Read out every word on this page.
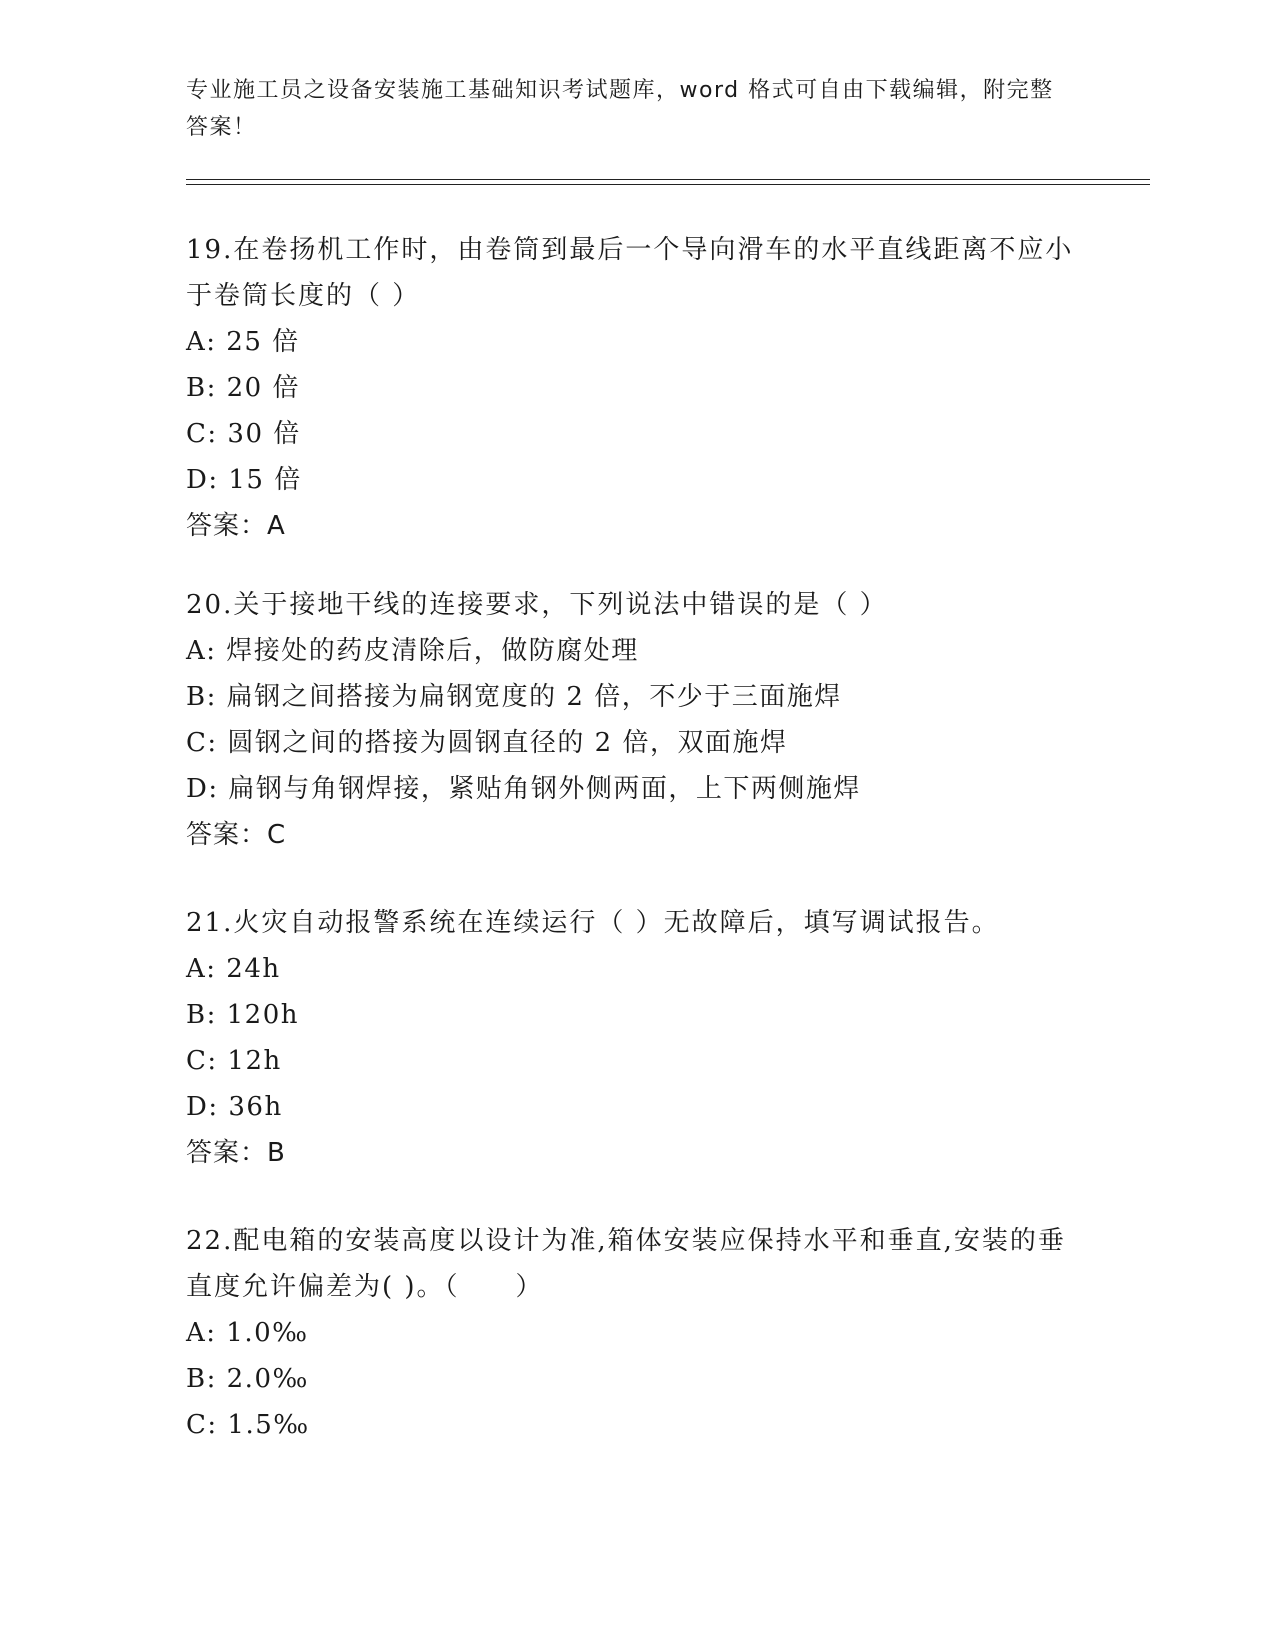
专业施工员之设备安装施工基础知识考试题库，word 格式可自由下载编辑，附完整答案！
19.在卷扬机工作时，由卷筒到最后一个导向滑车的水平直线距离不应小于卷筒长度的（ ）
A: 25 倍
B: 20 倍
C: 30 倍
D: 15 倍
答案：A
20.关于接地干线的连接要求，下列说法中错误的是（ ）
A: 焊接处的药皮清除后，做防腐处理
B: 扁钢之间搭接为扁钢宽度的 2 倍，不少于三面施焊
C: 圆钢之间的搭接为圆钢直径的 2 倍，双面施焊
D: 扁钢与角钢焊接，紧贴角钢外侧两面，上下两侧施焊
答案：C
21.火灾自动报警系统在连续运行（ ）无故障后，填写调试报告。
A: 24h
B: 120h
C: 12h
D: 36h
答案：B
22.配电箱的安装高度以设计为准,箱体安装应保持水平和垂直,安装的垂直度允许偏差为( )。（　　）
A: 1.0‰
B: 2.0‰
C: 1.5‰
